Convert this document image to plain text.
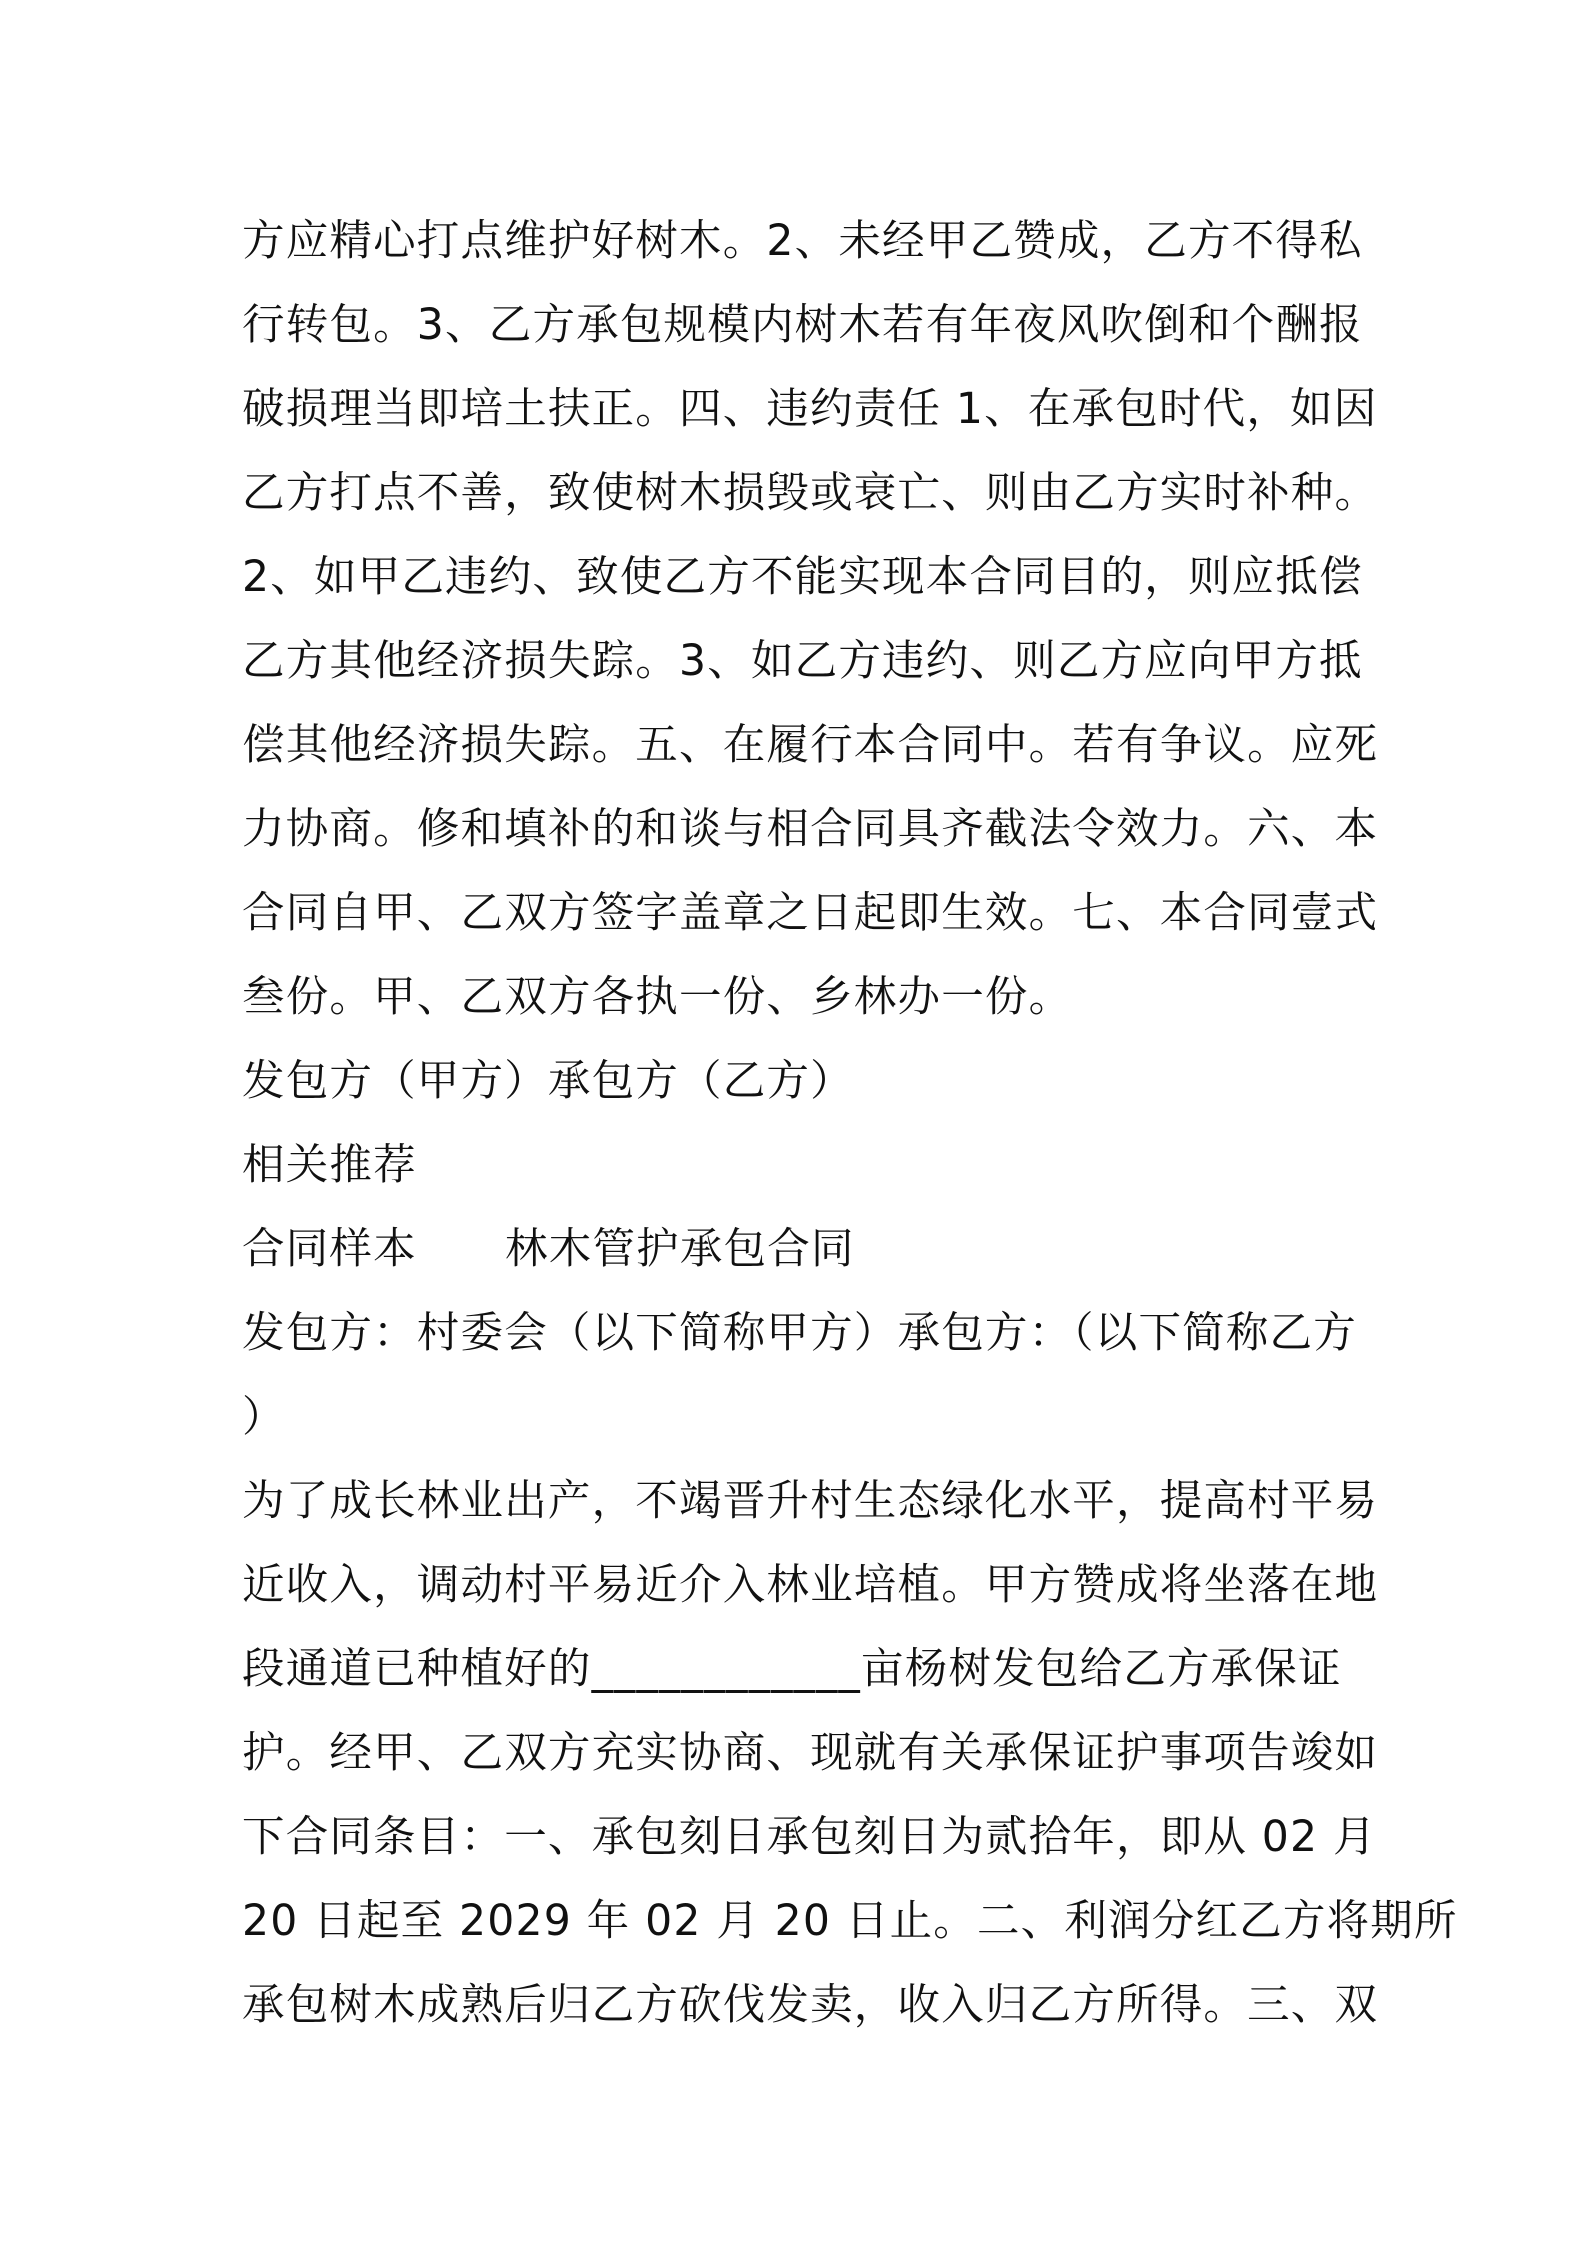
方应精心打点维护好树木。2、未经甲乙赞成，乙方不得私
行转包。3、乙方承包规模内树木若有年夜风吹倒和个酬报
破损理当即培土扶正。四、违约责任 1、在承包时代，如因
乙方打点不善，致使树木损毁或衰亡、则由乙方实时补种。
2、如甲乙违约、致使乙方不能实现本合同目的，则应抵偿
乙方其他经济损失踪。3、如乙方违约、则乙方应向甲方抵
偿其他经济损失踪。五、在履行本合同中。若有争议。应死
力协商。修和填补的和谈与相合同具齐截法令效力。六、本
合同自甲、乙双方签字盖章之日起即生效。七、本合同壹式
叁份。甲、乙双方各执一份、乡林办一份。
发包方（甲方）承包方（乙方）
相关推荐
合同样本      林木管护承包合同
发包方：村委会（以下简称甲方）承包方：（以下简称乙方
）
为了成长林业出产，不竭晋升村生态绿化水平，提高村平易
近收入，调动村平易近介入林业培植。甲方赞成将坐落在地
段通道已种植好的____________亩杨树发包给乙方承保证
护。经甲、乙双方充实协商、现就有关承保证护事项告竣如
下合同条目：一、承包刻日承包刻日为贰拾年，即从 02 月
20 日起至 2029 年 02 月 20 日止。二、利润分红乙方将期所
承包树木成熟后归乙方砍伐发卖，收入归乙方所得。三、双
